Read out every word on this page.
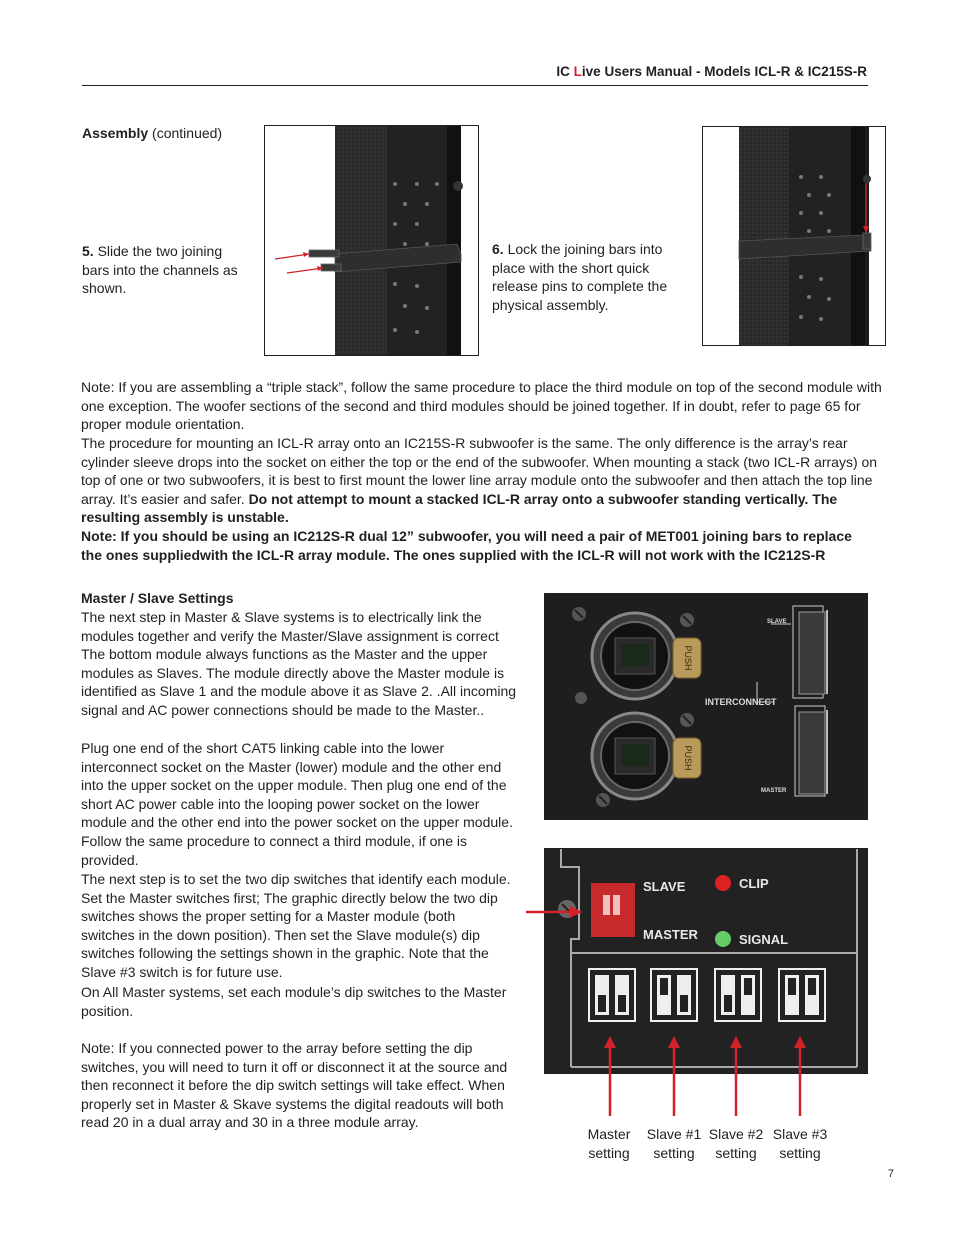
IC Live Users Manual - Models ICL-R & IC215S-R
Assembly (continued)
5. Slide the two joining bars into the channels as shown.
6. Lock the joining bars into place with the short quick release pins to complete the physical assembly.
Note: If you are assembling a “triple stack”, follow the same procedure to place the third module on top of the second module with one exception. The woofer sections of the second and third modules should be joined together. If in doubt, refer to page 65 for proper module orientation.
The procedure for mounting an ICL-R array onto an IC215S-R subwoofer is the same. The only difference is the array’s rear cylinder sleeve drops into the socket on either the top or the end of the subwoofer. When mounting a stack (two ICL-R arrays) on top of one or two subwoofers, it is best to first mount the lower line array module onto the subwoofer and then attach the top line array. It’s easier and safer. Do not attempt to mount a stacked ICL-R array onto a subwoofer standing vertically. The resulting assembly is unstable.
Note: If you should be using an IC212S-R dual 12” subwoofer, you will need a pair of MET001 joining bars to replace the ones suppliedwith the ICL-R array module. The ones supplied with the ICL-R will not work with the IC212S-R
Master / Slave Settings
The next step in Master & Slave systems is to electrically link the modules together and verify the Master/Slave assignment is correct The bottom module always functions as the Master and the upper modules as Slaves. The module directly above the Master module is identified as Slave 1 and the module above it as Slave 2. .All incoming signal and AC power connections should be made to the Master..
Plug one end of the short CAT5 linking cable into the lower interconnect socket on the Master (lower) module and the other end into the upper socket on the upper module. Then plug one end of the short AC power cable into the looping power socket on the lower module and the other end into the power socket on the upper module. Follow the same procedure to connect a third module, if one is provided.
The next step is to set the two dip switches that identify each module. Set the Master switches first; The graphic directly below the two dip switches shows the proper setting for a Master module (both switches in the down position). Then set the Slave module(s) dip switches following the settings shown in the graphic. Note that the Slave #3 switch is for future use.
On All Master systems, set each module’s dip switches to the Master position.
Note: If you connected power to the array before setting the dip switches, you will need to turn it off or disconnect it at the source and then reconnect it before the dip switch settings will take effect. When properly set in Master & Skave systems the digital readouts will both read 20 in a dual array and 30 in a three module array.
PUSH
PUSH
SLAVE
INTERCONNECT
MASTER
SLAVE
MASTER
CLIP
SIGNAL
Master
setting
Slave #1
setting
Slave #2
setting
Slave #3
setting
7
